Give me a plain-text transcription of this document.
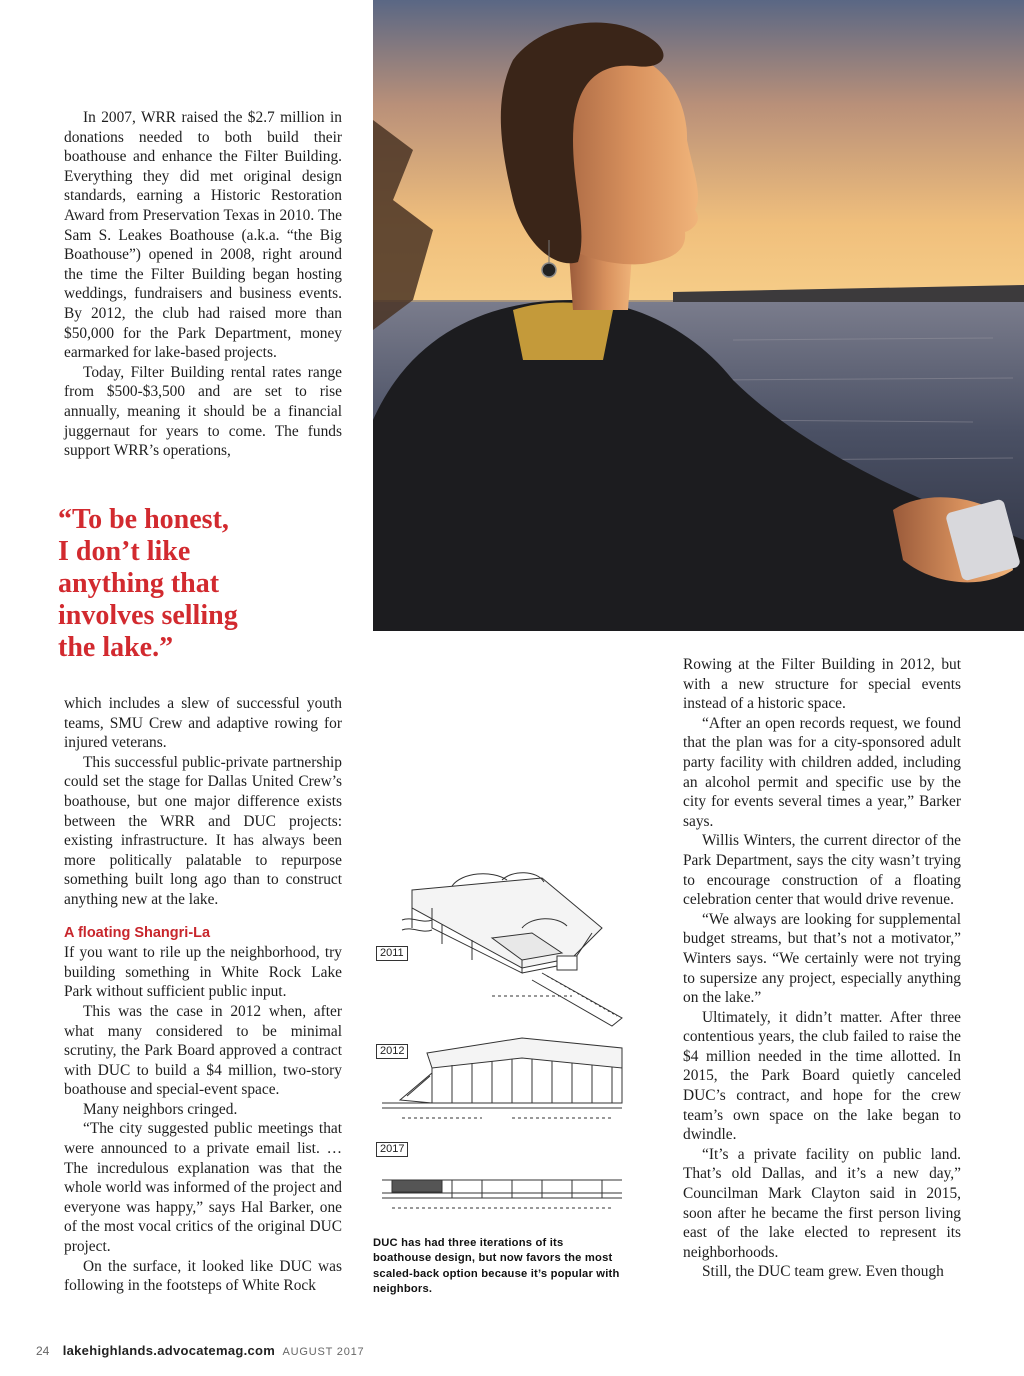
In 2007, WRR raised the $2.7 million in donations needed to both build their boathouse and enhance the Filter Building. Everything they did met original design standards, earning a Historic Restoration Award from Preservation Texas in 2010. The Sam S. Leakes Boathouse (a.k.a. “the Big Boathouse”) opened in 2008, right around the time the Filter Building began hosting weddings, fundraisers and business events. By 2012, the club had raised more than $50,000 for the Park Department, money earmarked for lake-based projects.

Today, Filter Building rental rates range from $500-$3,500 and are set to rise annually, meaning it should be a financial juggernaut for years to come. The funds support WRR’s operations,

“To be honest,
I don’t like
anything that
involves selling
the lake.”

which includes a slew of successful youth teams, SMU Crew and adaptive rowing for injured veterans.

This successful public-private partnership could set the stage for Dallas United Crew’s boathouse, but one major difference exists between the WRR and DUC projects: existing infrastructure. It has always been more politically palatable to repurpose something built long ago than to construct anything new at the lake.

A floating Shangri-La

If you want to rile up the neighborhood, try building something in White Rock Lake Park without sufficient public input.

This was the case in 2012 when, after what many considered to be minimal scrutiny, the Park Board approved a contract with DUC to build a $4 million, two-story boathouse and special-event space.

Many neighbors cringed.

“The city suggested public meetings that were announced to a private email list. … The incredulous explanation was that the whole world was informed of the project and everyone was happy,” says Hal Barker, one of the most vocal critics of the original DUC project.

On the surface, it looked like DUC was following in the footsteps of White Rock

2011
2012
2017
DUC has had three iterations of its boathouse design, but now favors the most scaled-back option because it’s popular with neighbors.

Rowing at the Filter Building in 2012, but with a new structure for special events instead of a historic space.

“After an open records request, we found that the plan was for a city-sponsored adult party facility with children added, including an alcohol permit and specific use by the city for events several times a year,” Barker says.

Willis Winters, the current director of the Park Department, says the city wasn’t trying to encourage construction of a floating celebration center that would drive revenue.

“We always are looking for supplemental budget streams, but that’s not a motivator,” Winters says. “We certainly were not trying to supersize any project, especially anything on the lake.”

Ultimately, it didn’t matter. After three contentious years, the club failed to raise the $4 million needed in the time allotted. In 2015, the Park Board quietly canceled DUC’s contract, and hope for the crew team’s own space on the lake began to dwindle.

“It’s a private facility on public land. That’s old Dallas, and it’s a new day,” Councilman Mark Clayton said in 2015, soon after he became the first person living east of the lake elected to represent its neighborhoods.

Still, the DUC team grew. Even though

24 lakehighlands.advocatemag.com AUGUST 2017
